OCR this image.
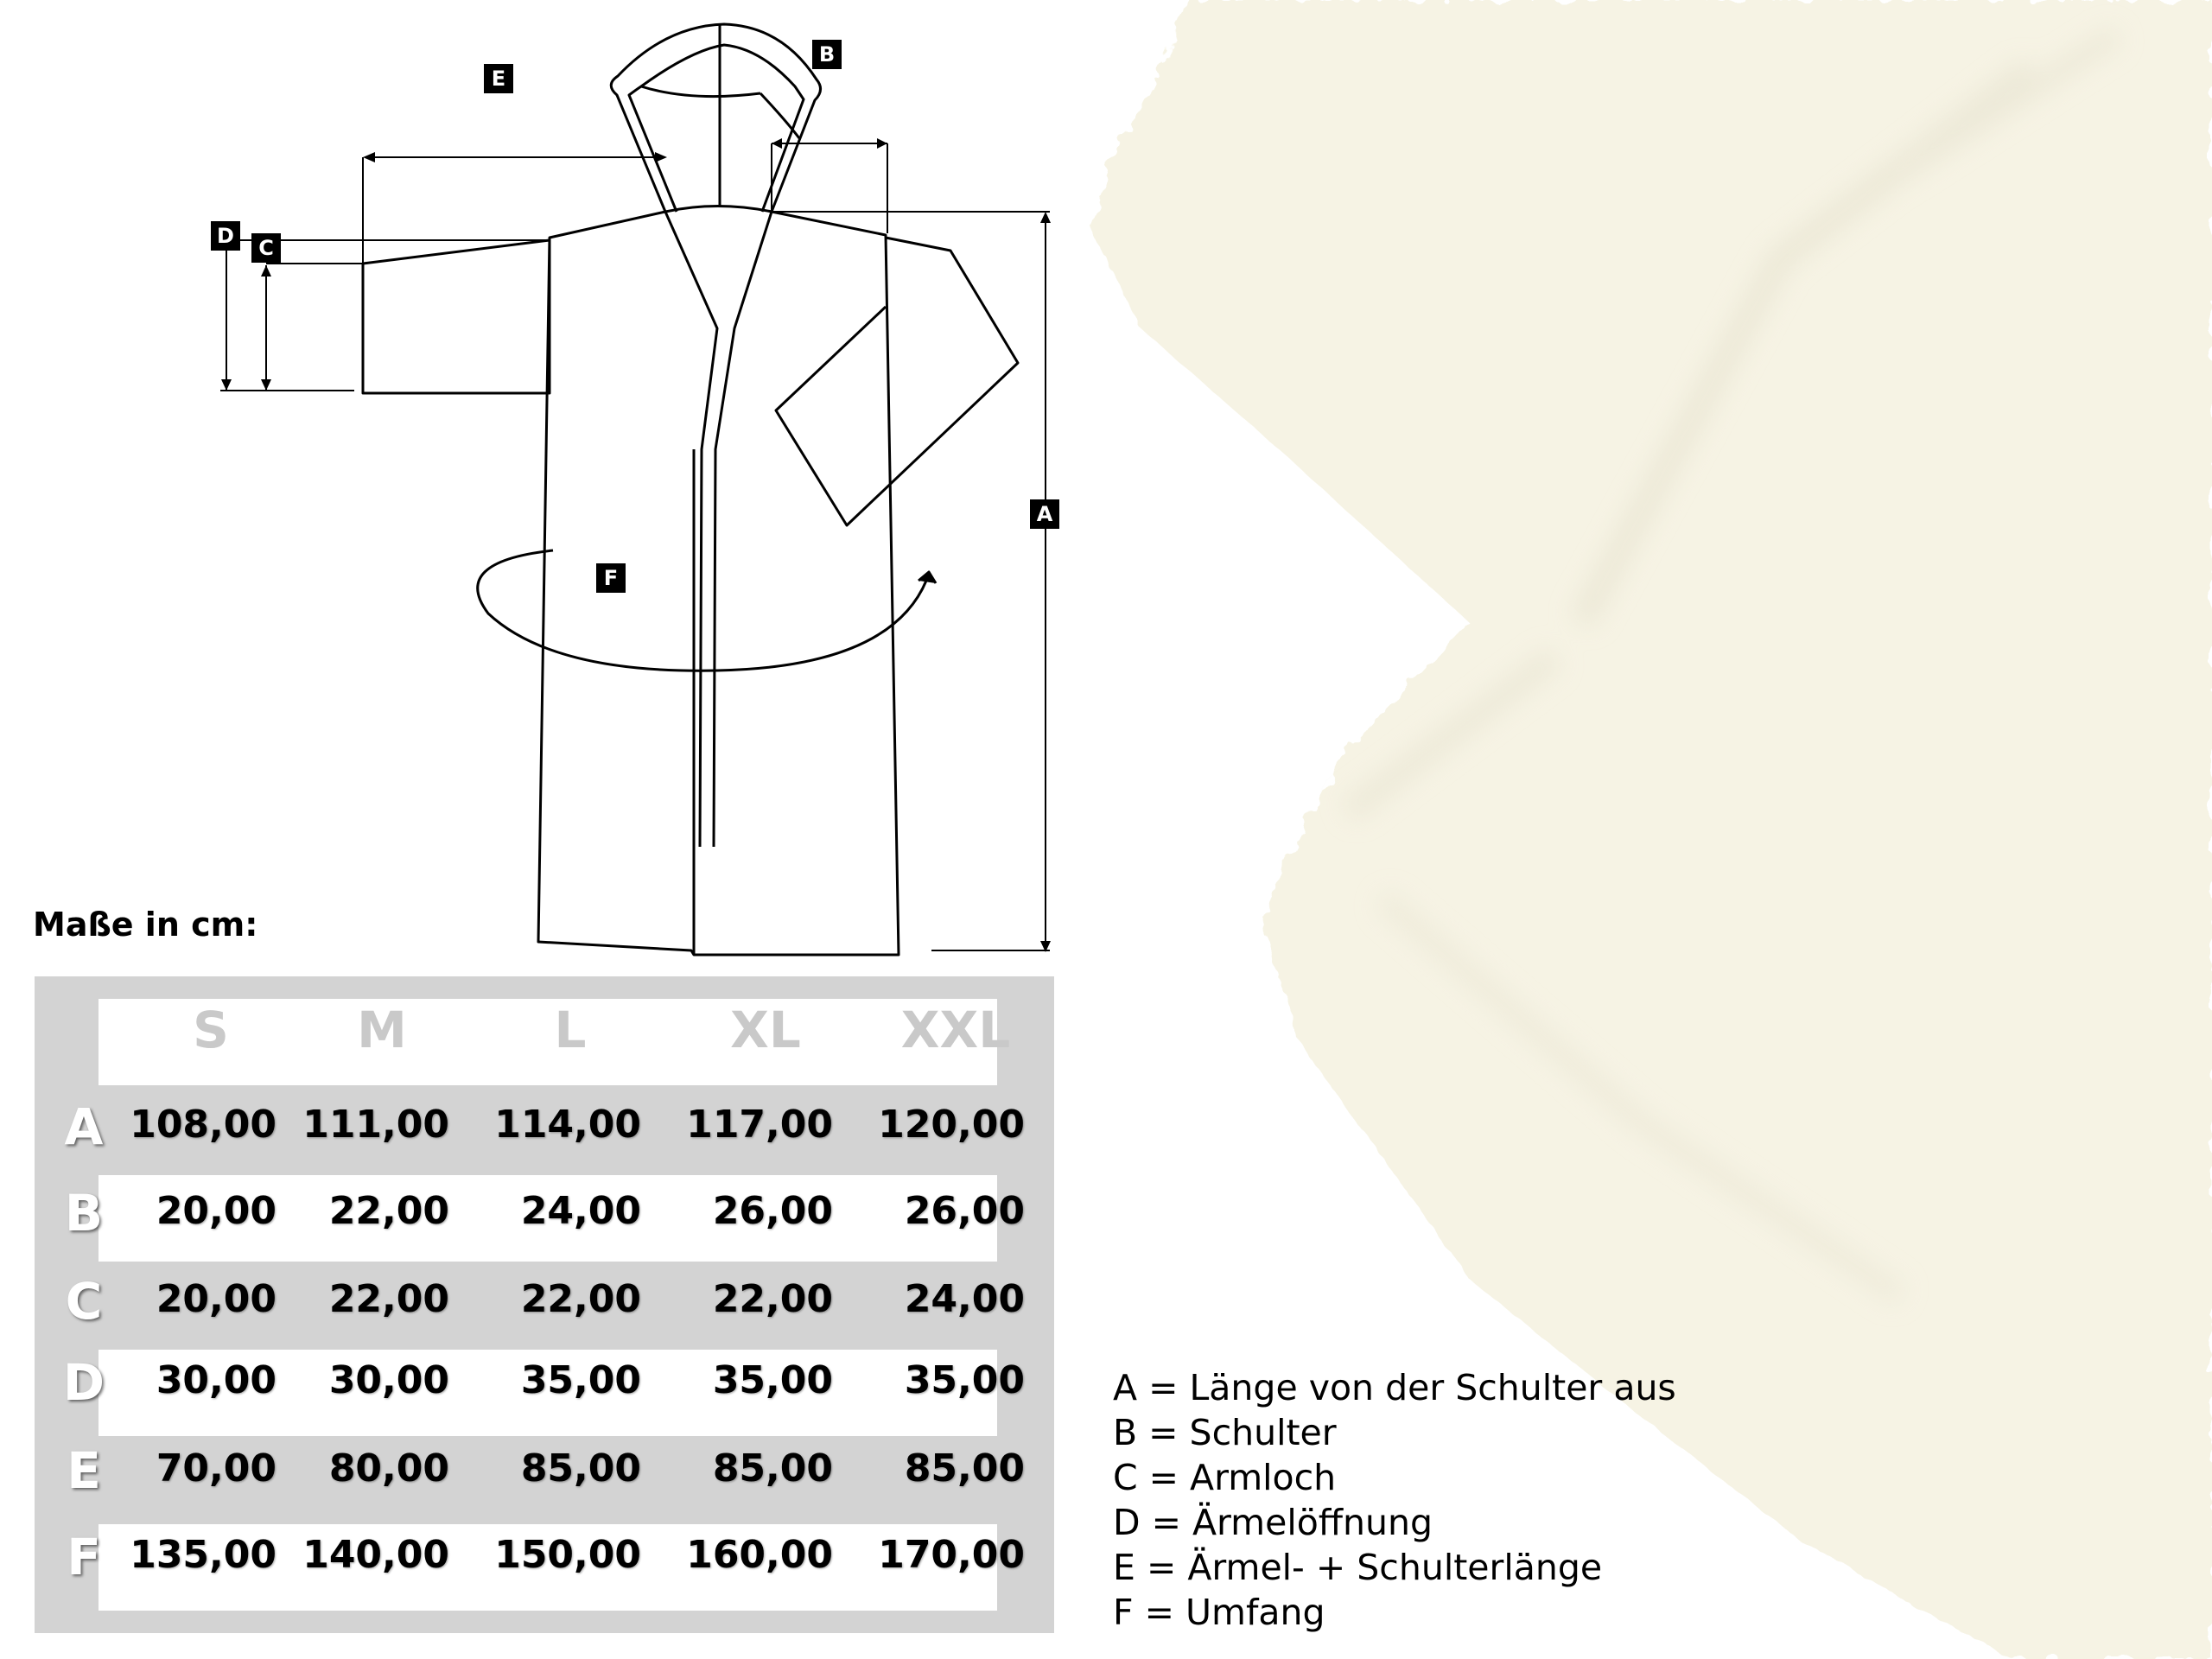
E
B
D	C
A
F
Maße in cm:
S	M	L	XL	XXL
A 108,00 111,00	114,00	117,00	120,00
B	20,00	22,00	24,00	26,00	26,00
C	20,00	22,00	22,00	22,00	24,00
D	30,00	30,00	35,00	35,00	35,00
E	70,00	80,00	85,00	85,00	85,00
F 135,00 140,00	150,00	160,00	170,00
A = Länge von der Schulter aus
B = Schulter
C = Armloch
D = Ärmelöffnung
E = Ärmel- + Schulterlänge
F = Umfang
